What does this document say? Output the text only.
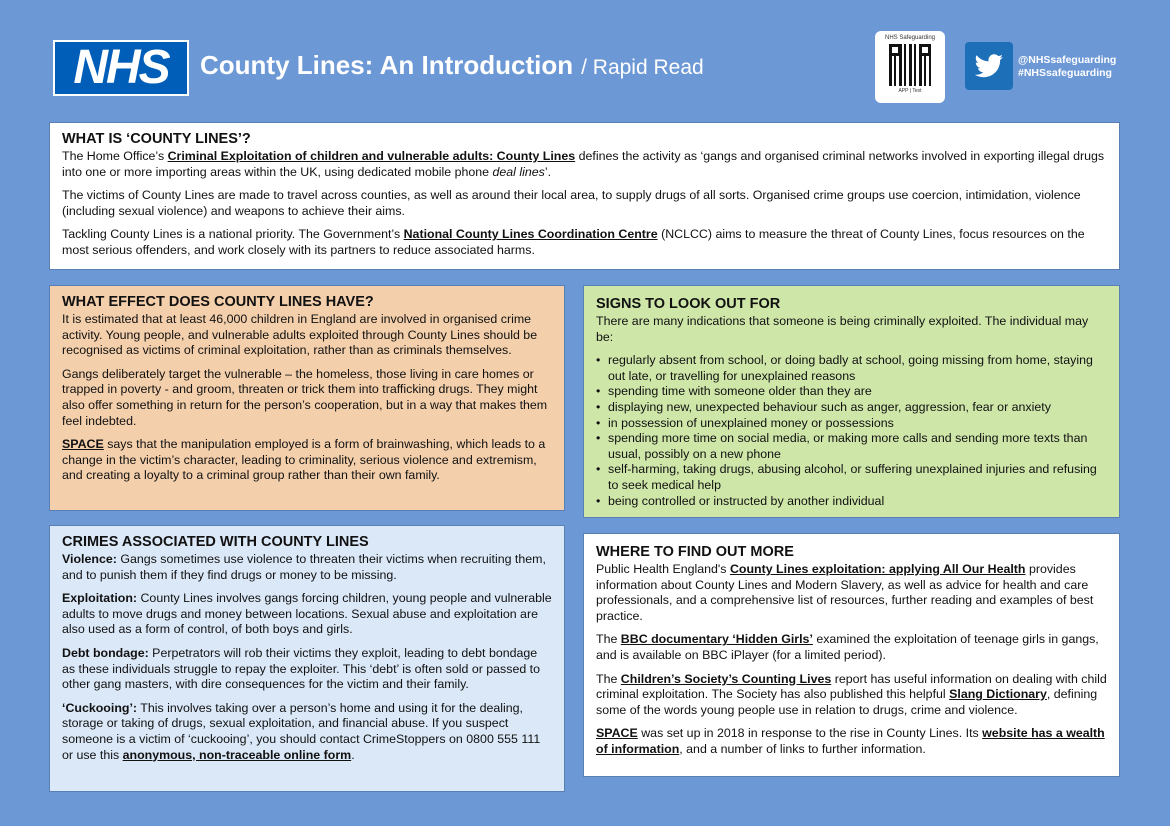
NHS	County Lines: An Introduction / Rapid Read
NHS Safeguarding
APP | Text
@NHSsafeguarding
#NHSsafeguarding
WHAT IS ‘COUNTY LINES’?

The Home Office’s Criminal Exploitation of children and vulnerable adults: County Lines defines the activity as ‘gangs and organised criminal networks involved in exporting illegal drugs into one or more importing areas within the UK, using dedicated mobile phone deal lines’.

The victims of County Lines are made to travel across counties, as well as around their local area, to supply drugs of all sorts. Organised crime groups use coercion, intimidation, violence (including sexual violence) and weapons to achieve their aims.

Tackling County Lines is a national priority. The Government’s National County Lines Coordination Centre (NCLCC) aims to measure the threat of County Lines, focus resources on the most serious offenders, and work closely with its partners to reduce associated harms.

WHAT EFFECT DOES COUNTY LINES HAVE?

It is estimated that at least 46,000 children in England are involved in organised crime activity. Young people, and vulnerable adults exploited through County Lines should be recognised as victims of criminal exploitation, rather than as criminals themselves.

Gangs deliberately target the vulnerable – the homeless, those living in care homes or trapped in poverty - and groom, threaten or trick them into trafficking drugs. They might also offer something in return for the person’s cooperation, but in a way that makes them feel indebted.

SPACE says that the manipulation employed is a form of brainwashing, which leads to a change in the victim’s character, leading to criminality, serious violence and extremism, and creating a loyalty to a criminal group rather than their own family.

CRIMES ASSOCIATED WITH COUNTY LINES

Violence: Gangs sometimes use violence to threaten their victims when recruiting them, and to punish them if they find drugs or money to be missing.

Exploitation: County Lines involves gangs forcing children, young people and vulnerable adults to move drugs and money between locations. Sexual abuse and exploitation are also used as a form of control, of both boys and girls.

Debt bondage: Perpetrators will rob their victims they exploit, leading to debt bondage as these individuals struggle to repay the exploiter. This ‘debt’ is often sold or passed to other gang masters, with dire consequences for the victim and their family.

‘Cuckooing’: This involves taking over a person’s home and using it for the dealing, storage or taking of drugs, sexual exploitation, and financial abuse. If you suspect someone is a victim of ‘cuckooing’, you should contact CrimeStoppers on 0800 555 111 or use this anonymous, non-traceable online form.

SIGNS TO LOOK OUT FOR

There are many indications that someone is being criminally exploited. The individual may be:

• regularly absent from school, or doing badly at school, going missing from home, staying out late, or travelling for unexplained reasons
• spending time with someone older than they are
• displaying new, unexpected behaviour such as anger, aggression, fear or anxiety
• in possession of unexplained money or possessions
• spending more time on social media, or making more calls and sending more texts than usual, possibly on a new phone
• self-harming, taking drugs, abusing alcohol, or suffering unexplained injuries and refusing to seek medical help
• being controlled or instructed by another individual
WHERE TO FIND OUT MORE

Public Health England's County Lines exploitation: applying All Our Health provides information about County Lines and Modern Slavery, as well as advice for health and care professionals, and a comprehensive list of resources, further reading and examples of best practice.

The BBC documentary ‘Hidden Girls’ examined the exploitation of teenage girls in gangs, and is available on BBC iPlayer (for a limited period).

The Children’s Society’s Counting Lives report has useful information on dealing with child criminal exploitation. The Society has also published this helpful Slang Dictionary, defining some of the words young people use in relation to drugs, crime and violence.

SPACE was set up in 2018 in response to the rise in County Lines. Its website has a wealth of information, and a number of links to further information.
